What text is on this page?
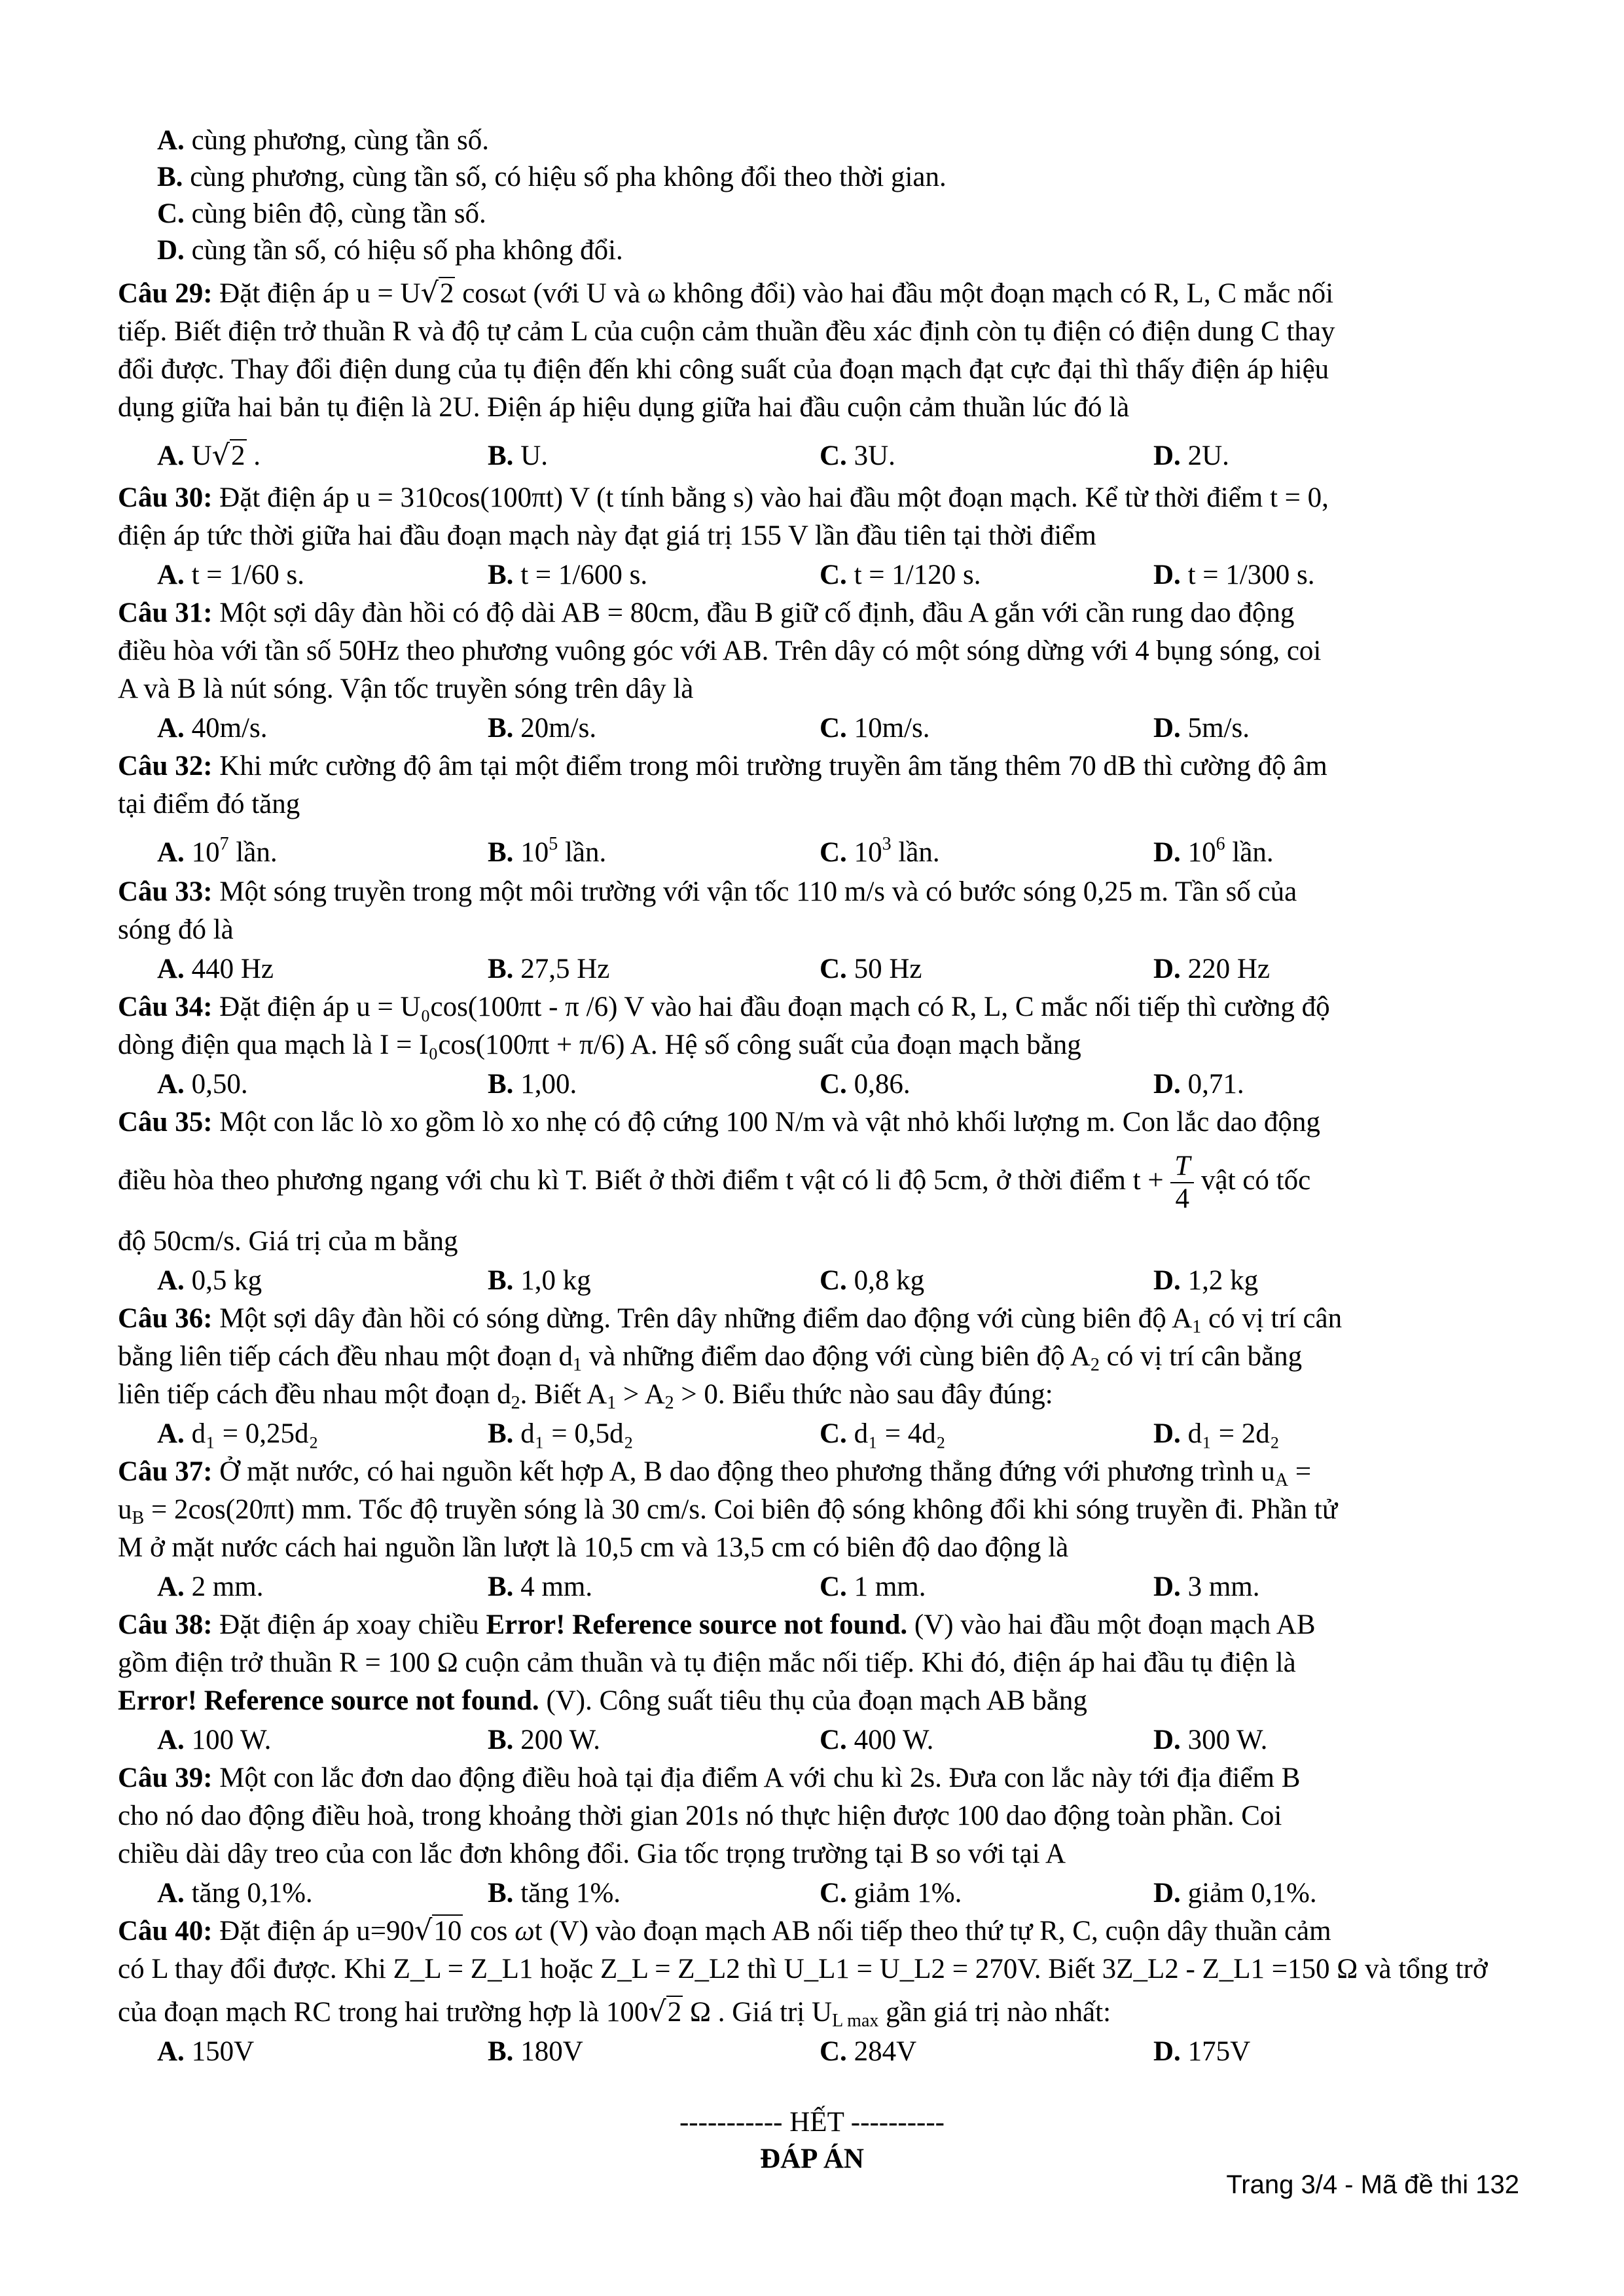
A. cùng phương, cùng tần số.
B. cùng phương, cùng tần số, có hiệu số pha không đổi theo thời gian.
C. cùng biên độ, cùng tần số.
D. cùng tần số, có hiệu số pha không đổi.
Câu 29: Đặt điện áp u = U√2 cosωt (với U và ω không đổi) vào hai đầu một đoạn mạch có R, L, C mắc nối
tiếp. Biết điện trở thuần R và độ tự cảm L của cuộn cảm thuần đều xác định còn tụ điện có điện dung C thay
đổi được. Thay đổi điện dung của tụ điện đến khi công suất của đoạn mạch đạt cực đại thì thấy điện áp hiệu
dụng giữa hai bản tụ điện là 2U. Điện áp hiệu dụng giữa hai đầu cuộn cảm thuần lúc đó là
A. U√2 .	B. U.	C. 3U.	D. 2U.
Câu 30: Đặt điện áp u = 310cos(100πt) V (t tính bằng s) vào hai đầu một đoạn mạch. Kể từ thời điểm t = 0,
điện áp tức thời giữa hai đầu đoạn mạch này đạt giá trị 155 V lần đầu tiên tại thời điểm
A. t = 1/60 s.	B. t = 1/600 s.	C. t = 1/120 s.	D. t = 1/300 s.
Câu 31: Một sợi dây đàn hồi có độ dài AB = 80cm, đầu B giữ cố định, đầu A gắn với cần rung dao động
điều hòa với tần số 50Hz theo phương vuông góc với AB. Trên dây có một sóng dừng với 4 bụng sóng, coi
A và B là nút sóng. Vận tốc truyền sóng trên dây là
A. 40m/s.	B. 20m/s.	C. 10m/s.	D. 5m/s.
Câu 32: Khi mức cường độ âm tại một điểm trong môi trường truyền âm tăng thêm 70 dB thì cường độ âm
tại điểm đó tăng
A. $10^7$ lần.	B. $10^5$ lần.	C. $10^3$ lần.	D. $10^6$ lần.
Câu 33: Một sóng truyền trong một môi trường với vận tốc 110 m/s và có bước sóng 0,25 m. Tần số của
sóng đó là
A. 440 Hz	B. 27,5 Hz	C. 50 Hz	D. 220 Hz
Câu 34: Đặt điện áp u = U₀cos(100πt - π /6) V vào hai đầu đoạn mạch có R, L, C mắc nối tiếp thì cường độ
dòng điện qua mạch là I = I₀cos(100πt + π/6) A. Hệ số công suất của đoạn mạch bằng
A. 0,50.	B. 1,00.	C. 0,86.	D. 0,71.
Câu 35: Một con lắc lò xo gồm lò xo nhẹ có độ cứng 100 N/m và vật nhỏ khối lượng m. Con lắc dao động
điều hòa theo phương ngang với chu kì T. Biết ở thời điểm t vật có li độ 5cm, ở thời điểm $t + \frac{T}{4}$ vật có tốc
độ 50cm/s. Giá trị của m bằng
A. 0,5 kg	B. 1,0 kg	C. 0,8 kg	D. 1,2 kg
Câu 36: Một sợi dây đàn hồi có sóng dừng. Trên dây những điểm dao động với cùng biên độ $A_1$ có vị trí cân
bằng liên tiếp cách đều nhau một đoạn $d_1$ và những điểm dao động với cùng biên độ $A_2$ có vị trí cân bằng
liên tiếp cách đều nhau một đoạn $d_2$. Biết $A_1 > A_2 > 0$. Biểu thức nào sau đây đúng:
A. d₁ = 0,25d₂	B. d₁ = 0,5d₂	C. d₁ = 4d₂	D. d₁ = 2d₂
Câu 37: Ở mặt nước, có hai nguồn kết hợp A, B dao động theo phương thẳng đứng với phương trình $u_A$ =
$u_B = 2\cos(20\pi t)$ mm. Tốc độ truyền sóng là 30 cm/s. Coi biên độ sóng không đổi khi sóng truyền đi. Phần tử
M ở mặt nước cách hai nguồn lần lượt là 10,5 cm và 13,5 cm có biên độ dao động là
A. 2 mm.	B. 4 mm.	C. 1 mm.	D. 3 mm.
Câu 38: Đặt điện áp xoay chiều Error! Reference source not found. (V) vào hai đầu một đoạn mạch AB
gồm điện trở thuần R = 100 Ω cuộn cảm thuần và tụ điện mắc nối tiếp. Khi đó, điện áp hai đầu tụ điện là
Error! Reference source not found. (V). Công suất tiêu thụ của đoạn mạch AB bằng
A. 100 W.	B. 200 W.	C. 400 W.	D. 300 W.
Câu 39: Một con lắc đơn dao động điều hoà tại địa điểm A với chu kì 2s. Đưa con lắc này tới địa điểm B
cho nó dao động điều hoà, trong khoảng thời gian 201s nó thực hiện được 100 dao động toàn phần. Coi
chiều dài dây treo của con lắc đơn không đổi. Gia tốc trọng trường tại B so với tại A
A. tăng 0,1%.	B. tăng 1%.	C. giảm 1%.	D. giảm 0,1%.
Câu 40: Đặt điện áp u=90√10 cos ωt (V) vào đoạn mạch AB nối tiếp theo thứ tự R, C, cuộn dây thuần cảm
có L thay đổi được. Khi Z_L = Z_L1 hoặc Z_L = Z_L2 thì U_L1 = U_L2 = 270V. Biết 3Z_L2 - Z_L1 =150 Ω và tổng trở
của đoạn mạch RC trong hai trường hợp là 100√2 Ω . Giá trị $U_{L max}$ gần giá trị nào nhất:
A. 150V	B. 180V	C. 284V	D. 175V
----------- HẾT ----------
ĐÁP ÁN
Trang 3/4 - Mã đề thi 132
